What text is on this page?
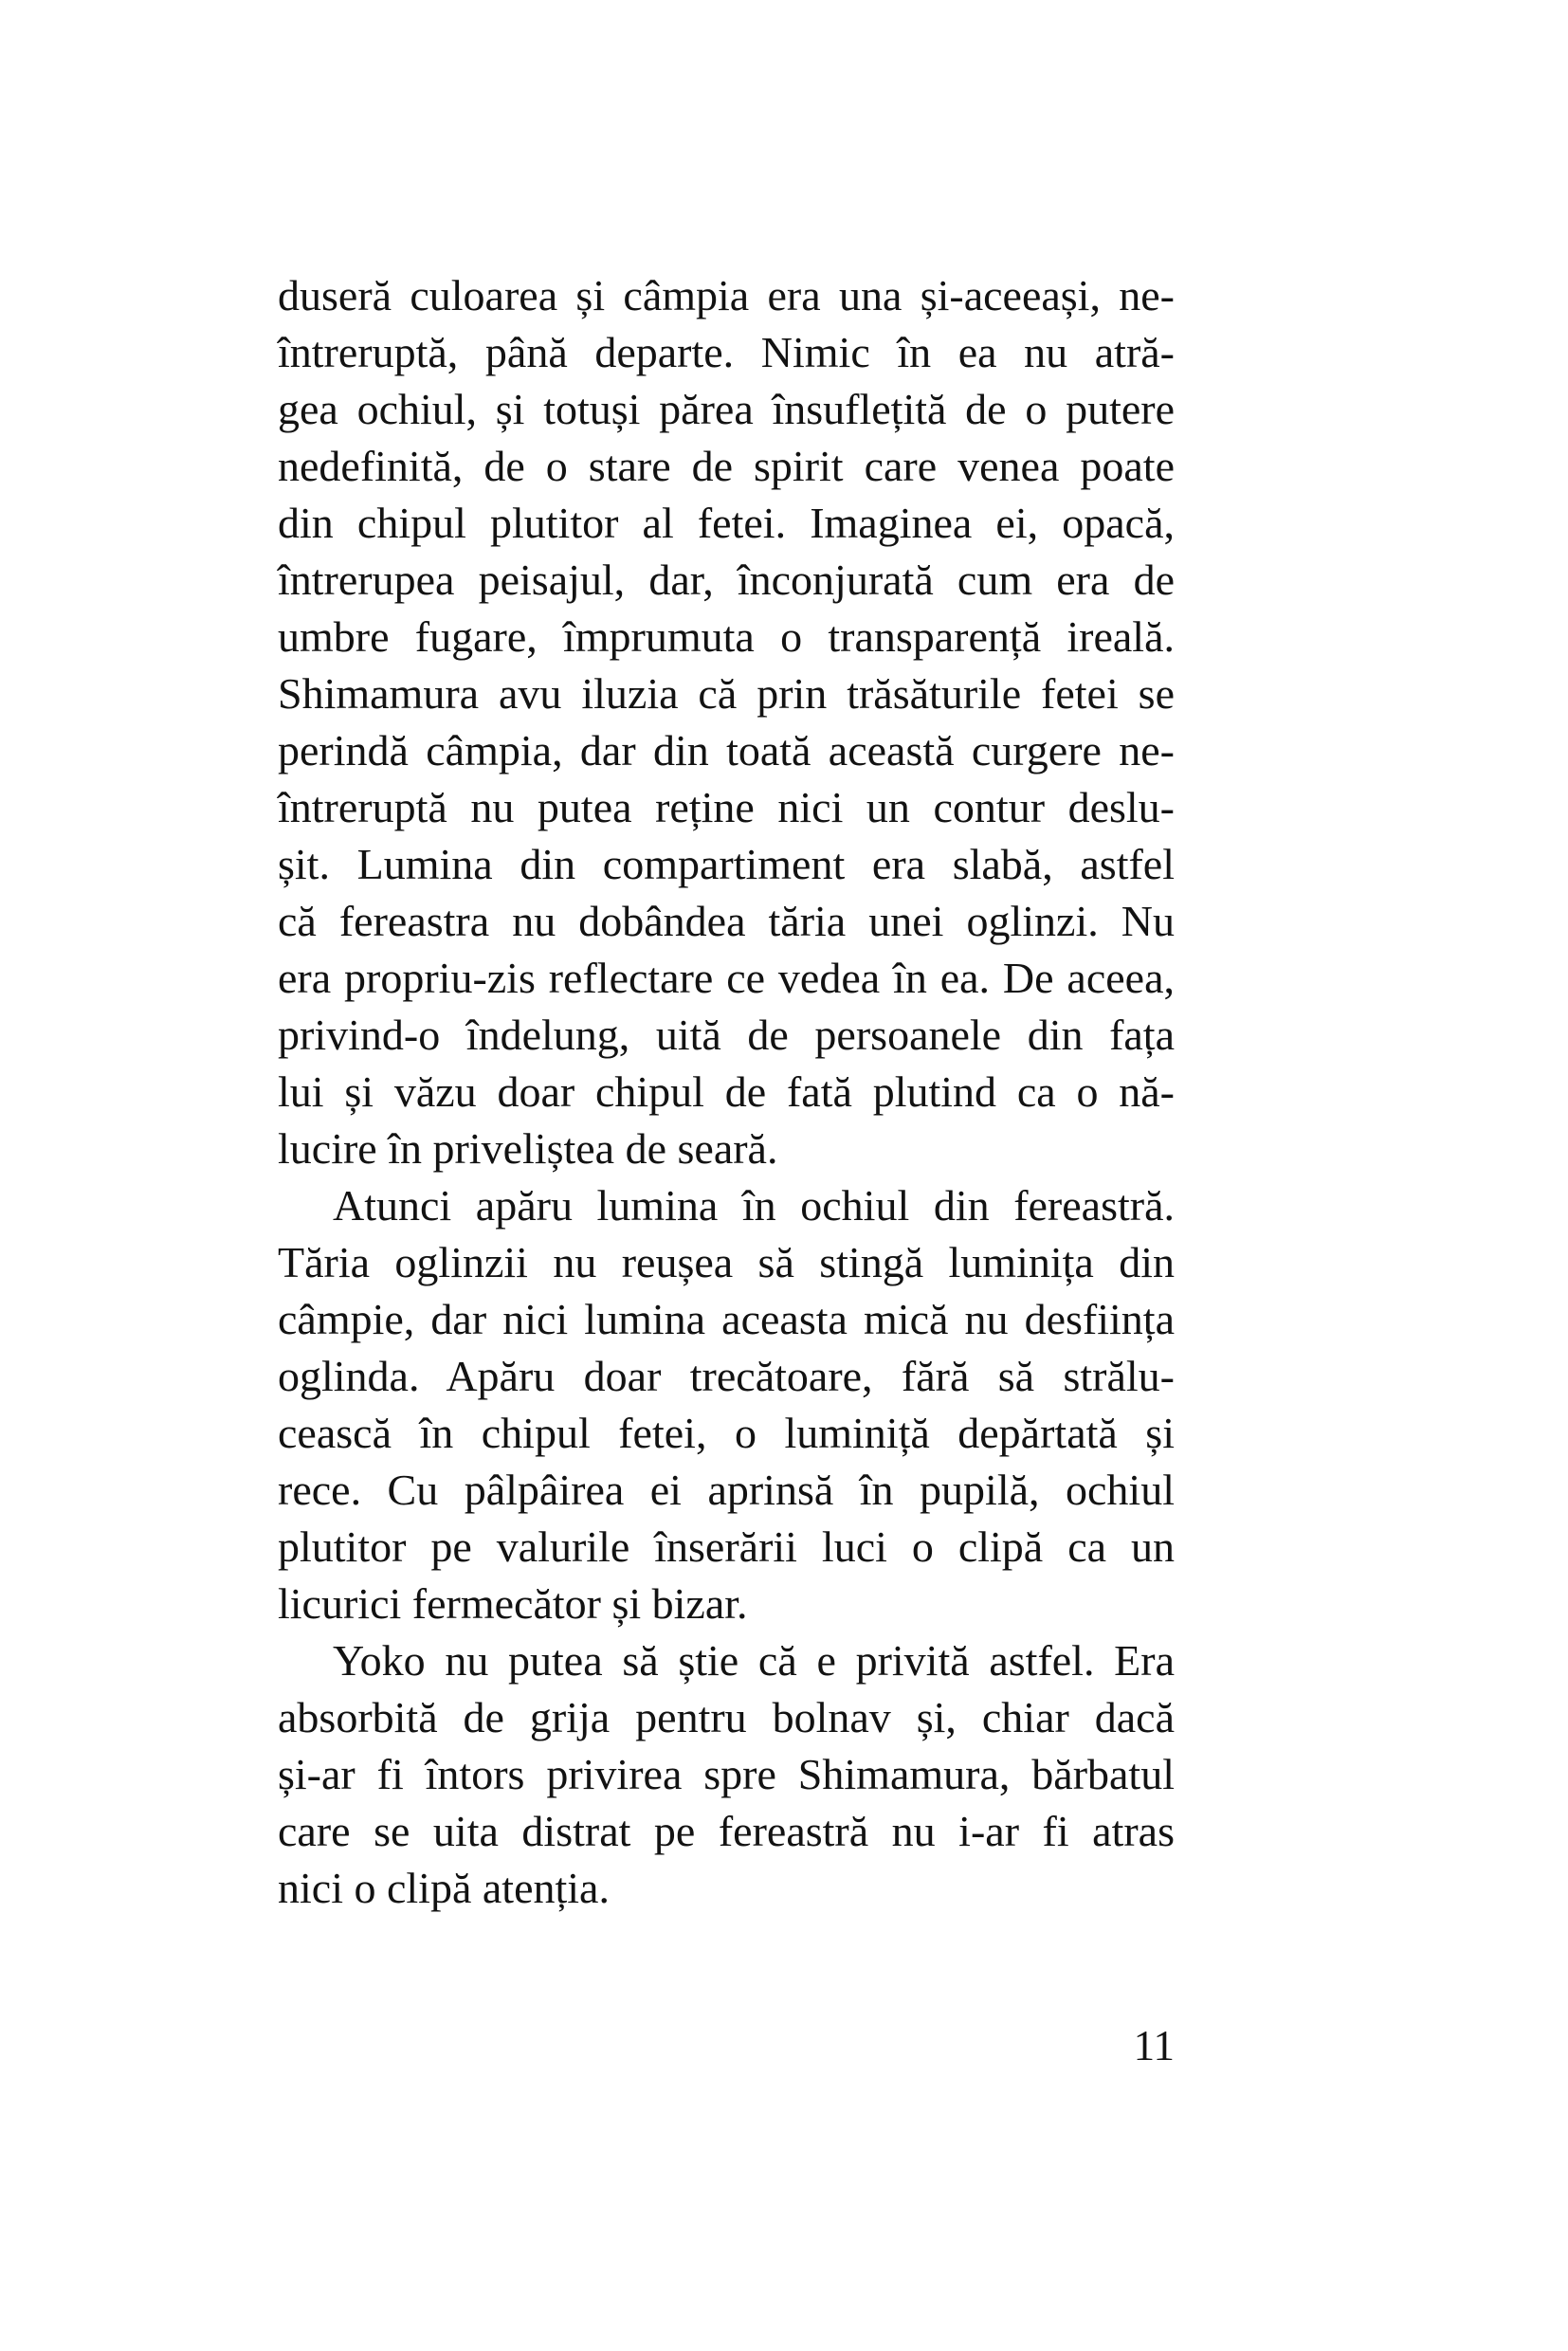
duseră culoarea și câmpia era una și-aceeași, ne-
întreruptă, până departe. Nimic în ea nu atră-
gea ochiul, și totuși părea însuflețită de o putere
nedefinită, de o stare de spirit care venea poate
din chipul plutitor al fetei. Imaginea ei, opacă,
întrerupea peisajul, dar, înconjurată cum era de
umbre fugare, împrumuta o transparență ireală.
Shimamura avu iluzia că prin trăsăturile fetei se
perindă câmpia, dar din toată această curgere ne-
întreruptă nu putea reține nici un contur deslu-
șit. Lumina din compartiment era slabă, astfel
că fereastra nu dobândea tăria unei oglinzi. Nu
era propriu-zis reflectare ce vedea în ea. De aceea,
privind-o îndelung, uită de persoanele din fața
lui și văzu doar chipul de fată plutind ca o nă-
lucire în priveliștea de seară.
Atunci apăru lumina în ochiul din fereastră.
Tăria oglinzii nu reușea să stingă luminița din
câmpie, dar nici lumina aceasta mică nu desființa
oglinda. Apăru doar trecătoare, fără să strălu-
cească în chipul fetei, o luminiță depărtată și
rece. Cu pâlpâirea ei aprinsă în pupilă, ochiul
plutitor pe valurile înserării luci o clipă ca un
licurici fermecător și bizar.
Yoko nu putea să știe că e privită astfel. Era
absorbită de grija pentru bolnav și, chiar dacă
și-ar fi întors privirea spre Shimamura, bărbatul
care se uita distrat pe fereastră nu i-ar fi atras
nici o clipă atenția.
11
